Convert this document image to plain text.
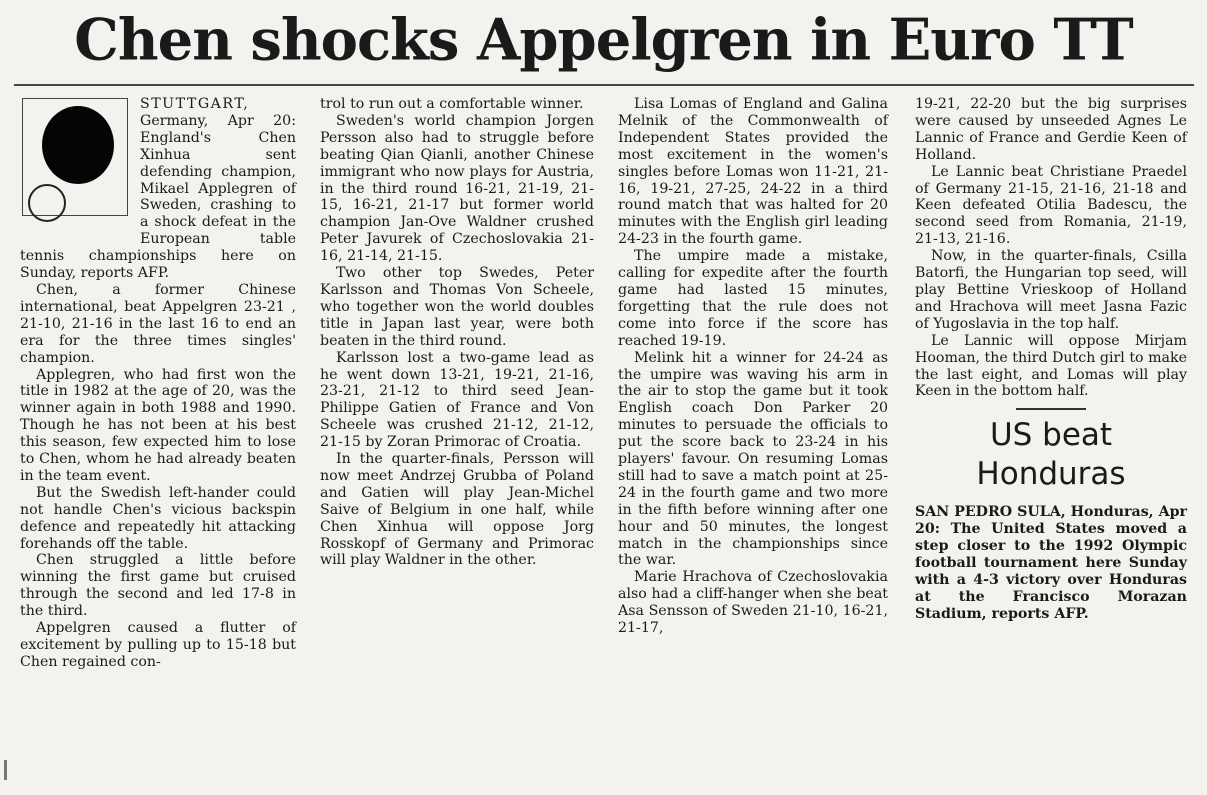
Chen shocks Appelgren in Euro TT

STUTTGART, Germany, Apr 20: England's Chen Xinhua sent defending champion, Mikael Applegren of Sweden, crashing to a shock defeat in the European table tennis championships here on Sunday, reports AFP.

Chen, a former Chinese international, beat Appelgren 23-21 , 21-10, 21-16 in the last 16 to end an era for the three times singles' champion.

Applegren, who had first won the title in 1982 at the age of 20, was the winner again in both 1988 and 1990. Though he has not been at his best this season, few expected him to lose to Chen, whom he had already beaten in the team event.

But the Swedish left-hander could not handle Chen's vicious backspin defence and repeatedly hit attacking forehands off the table.

Chen struggled a little before winning the first game but cruised through the second and led 17-8 in the third.

Appelgren caused a flutter of excitement by pulling up to 15-18 but Chen regained con-

trol to run out a comfortable winner.

Sweden's world champion Jorgen Persson also had to struggle before beating Qian Qianli, another Chinese immigrant who now plays for Austria, in the third round 16-21, 21-19, 21-15, 16-21, 21-17 but former world champion Jan-Ove Waldner crushed Peter Javurek of Czechoslovakia 21-16, 21-14, 21-15.

Two other top Swedes, Peter Karlsson and Thomas Von Scheele, who together won the world doubles title in Japan last year, were both beaten in the third round.

Karlsson lost a two-game lead as he went down 13-21, 19-21, 21-16, 23-21, 21-12 to third seed Jean-Philippe Gatien of France and Von Scheele was crushed 21-12, 21-12, 21-15 by Zoran Primorac of Croatia.

In the quarter-finals, Persson will now meet Andrzej Grubba of Poland and Gatien will play Jean-Michel Saive of Belgium in one half, while Chen Xinhua will oppose Jorg Rosskopf of Germany and Primorac will play Waldner in the other.

Lisa Lomas of England and Galina Melnik of the Commonwealth of Independent States provided the most excitement in the women's singles before Lomas won 11-21, 21-16, 19-21, 27-25, 24-22 in a third round match that was halted for 20 minutes with the English girl leading 24-23 in the fourth game.

The umpire made a mistake, calling for expedite after the fourth game had lasted 15 minutes, forgetting that the rule does not come into force if the score has reached 19-19.

Melink hit a winner for 24-24 as the umpire was waving his arm in the air to stop the game but it took English coach Don Parker 20 minutes to persuade the officials to put the score back to 23-24 in his players' favour. On resuming Lomas still had to save a match point at 25-24 in the fourth game and two more in the fifth before winning after one hour and 50 minutes, the longest match in the championships since the war.

Marie Hrachova of Czechoslovakia also had a cliff-hanger when she beat Asa Sensson of Sweden 21-10, 16-21, 21-17,

19-21, 22-20 but the big surprises were caused by unseeded Agnes Le Lannic of France and Gerdie Keen of Holland.

Le Lannic beat Christiane Praedel of Germany 21-15, 21-16, 21-18 and Keen defeated Otilia Badescu, the second seed from Romania, 21-19, 21-13, 21-16.

Now, in the quarter-finals, Csilla Batorfi, the Hungarian top seed, will play Bettine Vrieskoop of Holland and Hrachova will meet Jasna Fazic of Yugoslavia in the top half.

Le Lannic will oppose Mirjam Hooman, the third Dutch girl to make the last eight, and Lomas will play Keen in the bottom half.

US beat
Honduras

SAN PEDRO SULA, Honduras, Apr 20: The United States moved a step closer to the 1992 Olympic football tournament here Sunday with a 4-3 victory over Honduras at the Francisco Morazan Stadium, reports AFP.
